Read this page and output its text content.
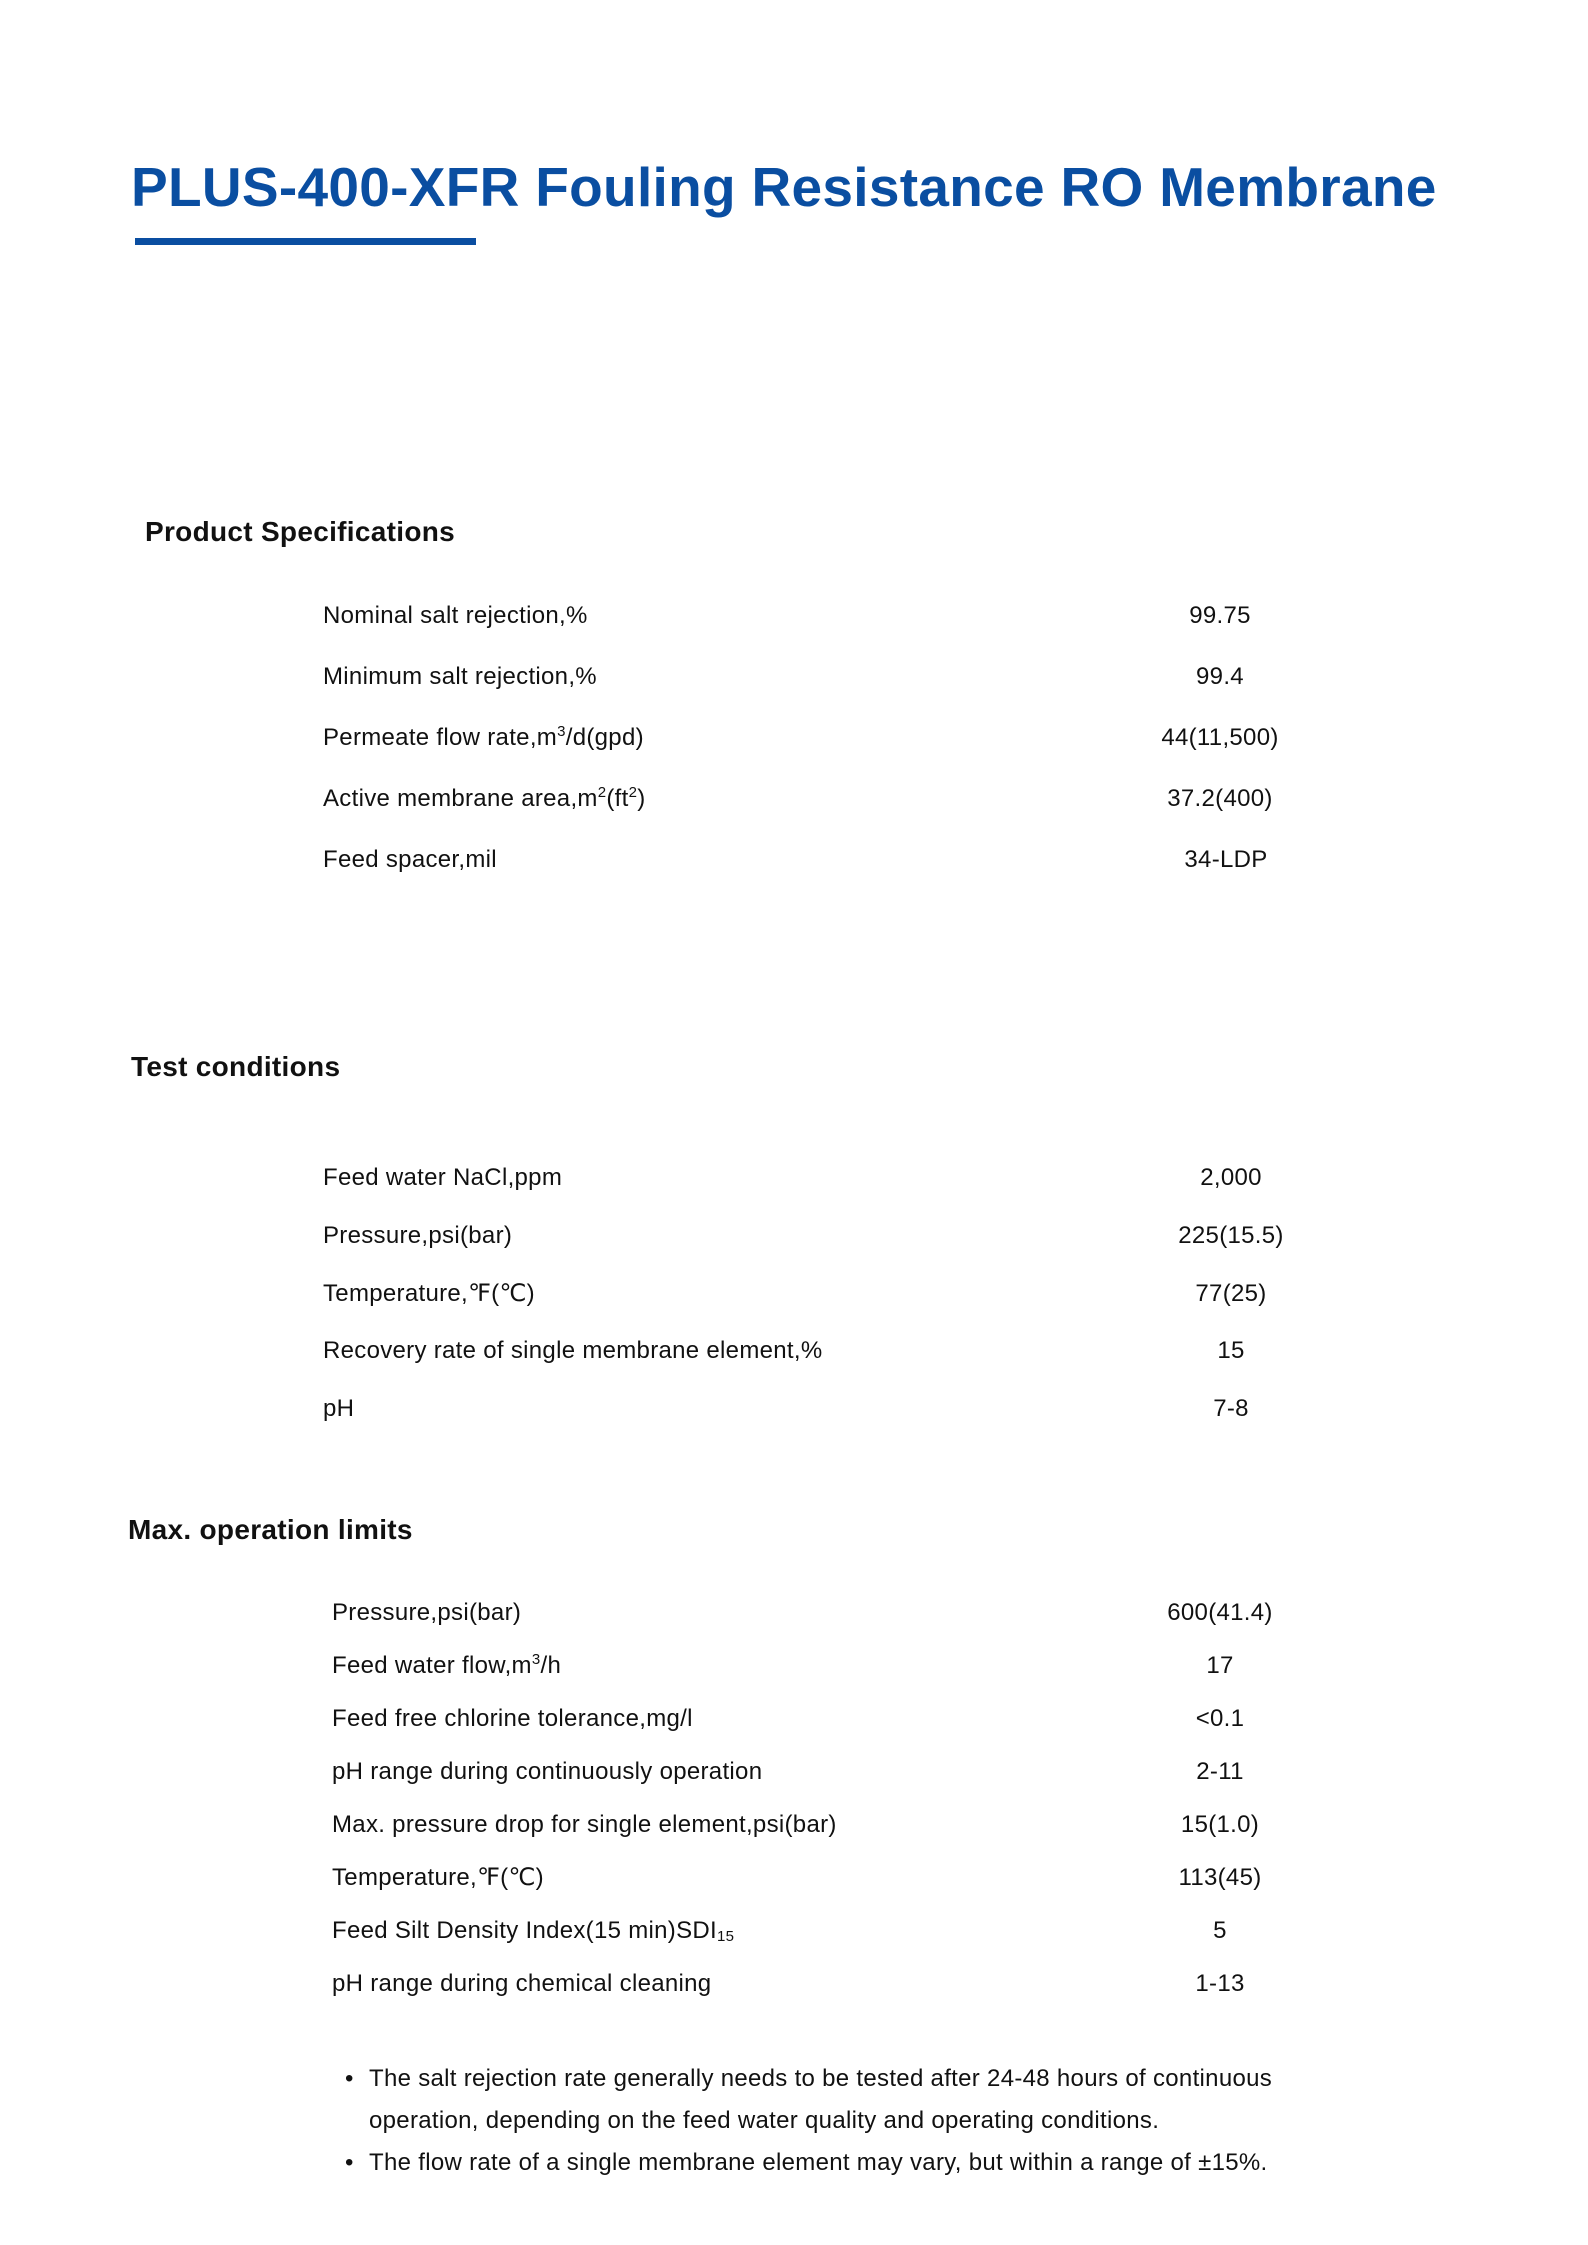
PLUS-400-XFR Fouling Resistance RO Membrane
Product Specifications
Nominal salt rejection,%	99.75
Minimum salt rejection,%	99.4
Permeate flow $rate,m^3/d(gpd)$	44(11,500)
Active membrane $area,m^2(ft^2)$	37.2(400)
Feed spacer,mil	34-LDP
Test conditions
Feed water NaCl,ppm	2,000
Pressure,psi(bar)	225(15.5)
Temperature,℉(℃)	77(25)
Recovery rate of single membrane element,%	15
pH	7-8
Max. operation limits
Pressure,psi(bar)	600(41.4)
Feed water $flow,m^3/h$	17
Feed free chlorine tolerance,mg/l	<0.1
pH range during continuously operation	2-11
Max. pressure drop for single element,psi(bar)	15(1.0)
Temperature,℉(℃)	113(45)
Feed Silt Density Index(15 $\min)SDI_{15}$	5
pH range during chemical cleaning	1-13
• The salt rejection rate generally needs to be tested after 24-48 hours of continuous operation, depending on the feed water quality and operating conditions.
• The flow rate of a single membrane element may vary, but within a range of ±15%.
